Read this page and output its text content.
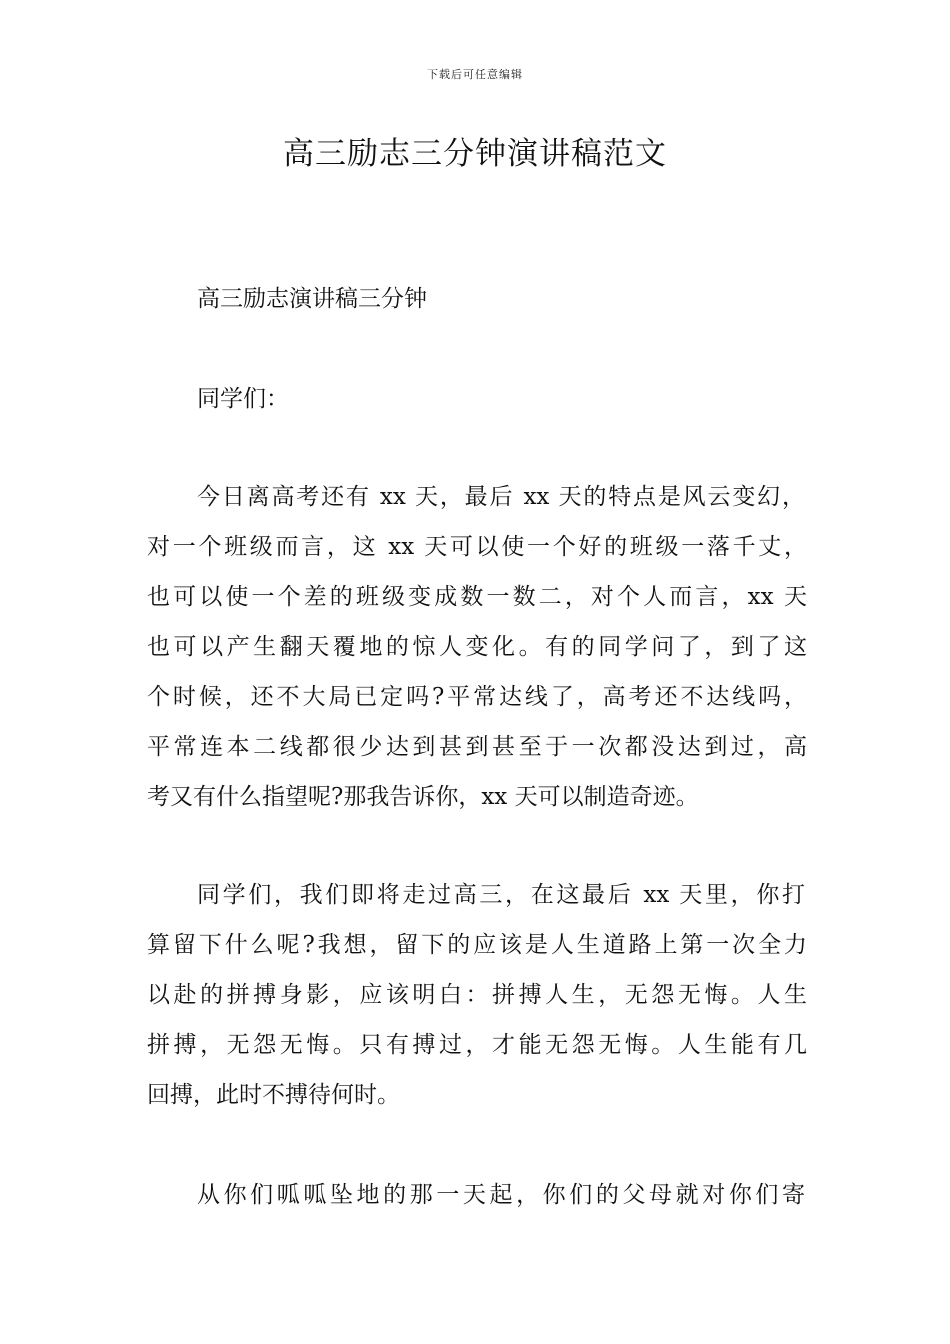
下载后可任意编辑
高三励志三分钟演讲稿范文
高三励志演讲稿三分钟
同学们：
今日离高考还有 xx 天，最后 xx 天的特点是风云变幻，
对一个班级而言，这 xx 天可以使一个好的班级一落千丈，
也可以使一个差的班级变成数一数二，对个人而言，xx 天
也可以产生翻天覆地的惊人变化。有的同学问了，到了这
个时候，还不大局已定吗?平常达线了，高考还不达线吗，
平常连本二线都很少达到甚到甚至于一次都没达到过，高
考又有什么指望呢?那我告诉你，xx 天可以制造奇迹。
同学们，我们即将走过高三，在这最后 xx 天里，你打
算留下什么呢?我想，留下的应该是人生道路上第一次全力
以赴的拼搏身影，应该明白：拼搏人生，无怨无悔。人生
拼搏，无怨无悔。只有搏过，才能无怨无悔。人生能有几
回搏，此时不搏待何时。
从你们呱呱坠地的那一天起，你们的父母就对你们寄
